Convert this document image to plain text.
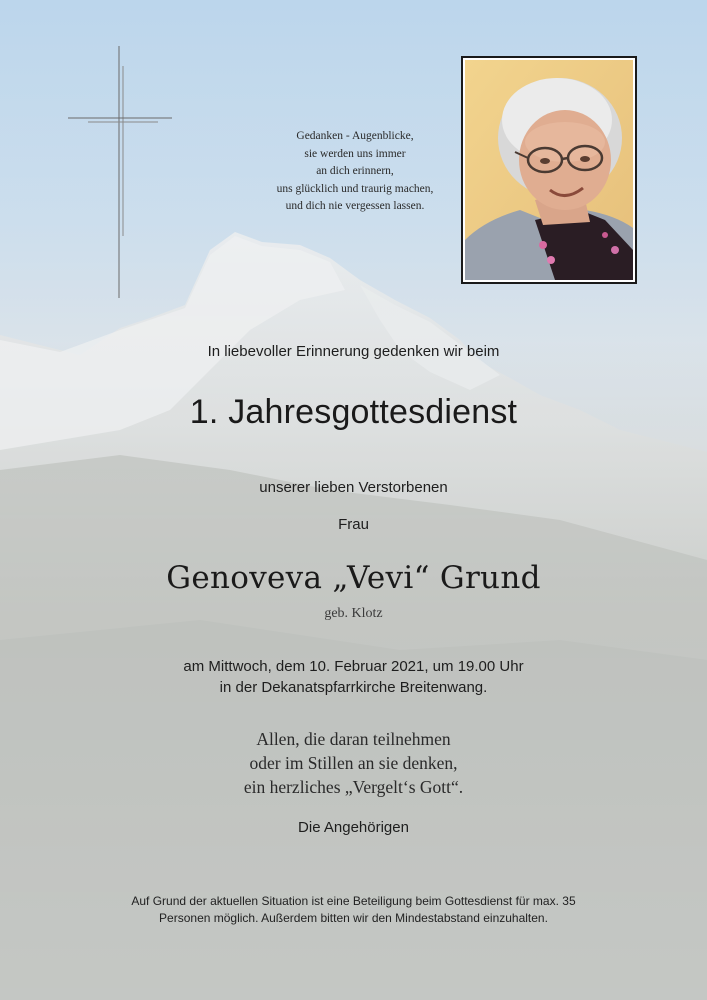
Gedanken - Augenblicke,
sie werden uns immer
an dich erinnern,
uns glücklich und traurig machen,
und dich nie vergessen lassen.
In liebevoller Erinnerung gedenken wir beim
1. Jahresgottesdienst
unserer lieben Verstorbenen
Frau
Genoveva „Vevi“ Grund
geb. Klotz
am Mittwoch, dem 10. Februar 2021, um 19.00 Uhr
in der Dekanatspfarrkirche Breitenwang.
Allen, die daran teilnehmen
oder im Stillen an sie denken,
ein herzliches „Vergelt‘s Gott“.
Die Angehörigen
Auf Grund der aktuellen Situation ist eine Beteiligung beim Gottesdienst für max. 35
Personen möglich. Außerdem bitten wir den Mindestabstand einzuhalten.
